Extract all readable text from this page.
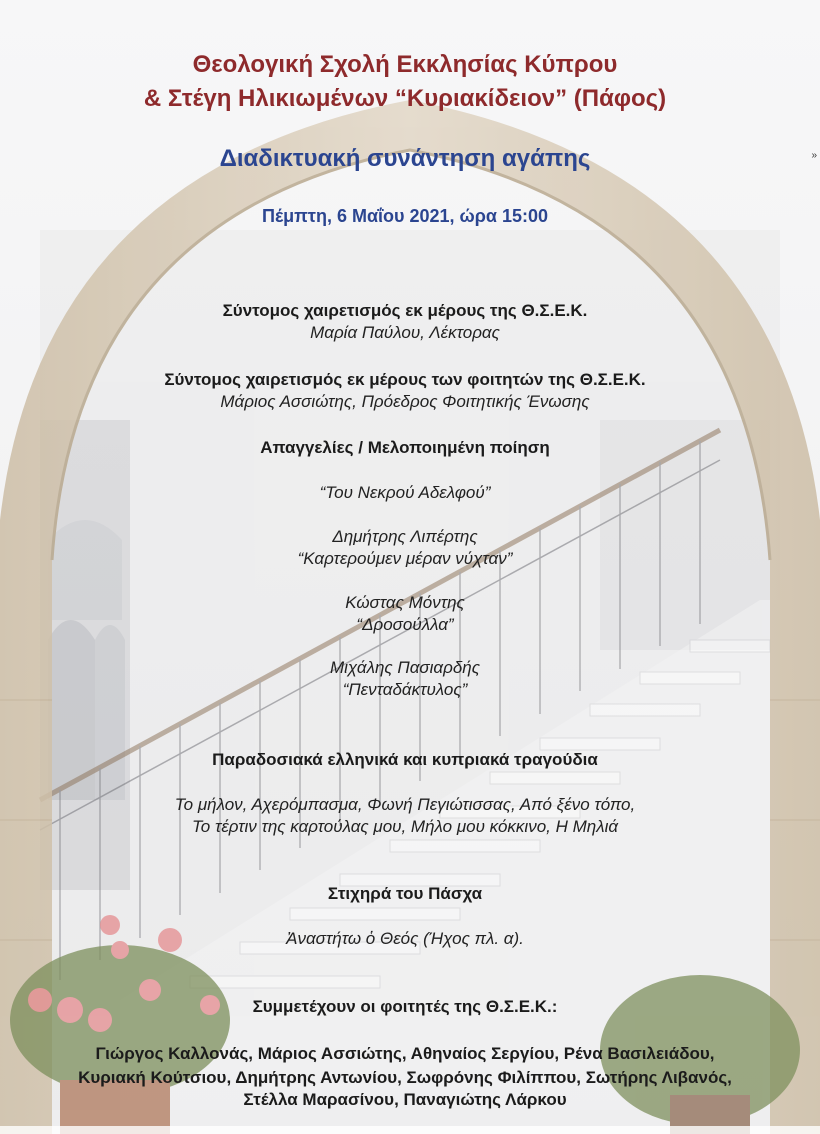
Θεολογική Σχολή Εκκλησίας Κύπρου
& Στέγη Ηλικιωμένων “Κυριακίδειον” (Πάφος)
»
Διαδικτυακή συνάντηση αγάπης
Πέμπτη, 6 Μαΐου 2021, ώρα 15:00
Σύντομος χαιρετισμός εκ μέρους της Θ.Σ.Ε.Κ.
Μαρία Παύλου, Λέκτορας
Σύντομος χαιρετισμός εκ μέρους των φοιτητών της Θ.Σ.Ε.Κ.
Μάριος Ασσιώτης, Πρόεδρος Φοιτητικής Ένωσης
Απαγγελίες / Μελοποιημένη ποίηση
“Του Νεκρού Αδελφού”
Δημήτρης Λιπέρτης
“Καρτερούμεν μέραν νύχταν”
Κώστας Μόντης
“Δροσούλλα”
Μιχάλης Πασιαρδής
“Πενταδάκτυλος”
Παραδοσιακά ελληνικά και κυπριακά τραγούδια
Το μήλον, Αχερόμπασμα, Φωνή Πεγιώτισσας, Από ξένο τόπο,
Το τέρτιν της καρτούλας μου, Μήλο μου κόκκινο, Η Μηλιά
Στιχηρά του Πάσχα
Ἀναστήτω ὁ Θεός (Ήχος πλ. α).
Συμμετέχουν οι φοιτητές της Θ.Σ.Ε.Κ.:
Γιώργος Καλλονάς, Μάριος Ασσιώτης, Αθηναίος Σεργίου, Ρένα Βασιλειάδου,
Κυριακή Κούτσιου, Δημήτρης Αντωνίου, Σωφρόνης Φιλίππου, Σωτήρης Λιβανός,
Στέλλα Μαρασίνου, Παναγιώτης Λάρκου
